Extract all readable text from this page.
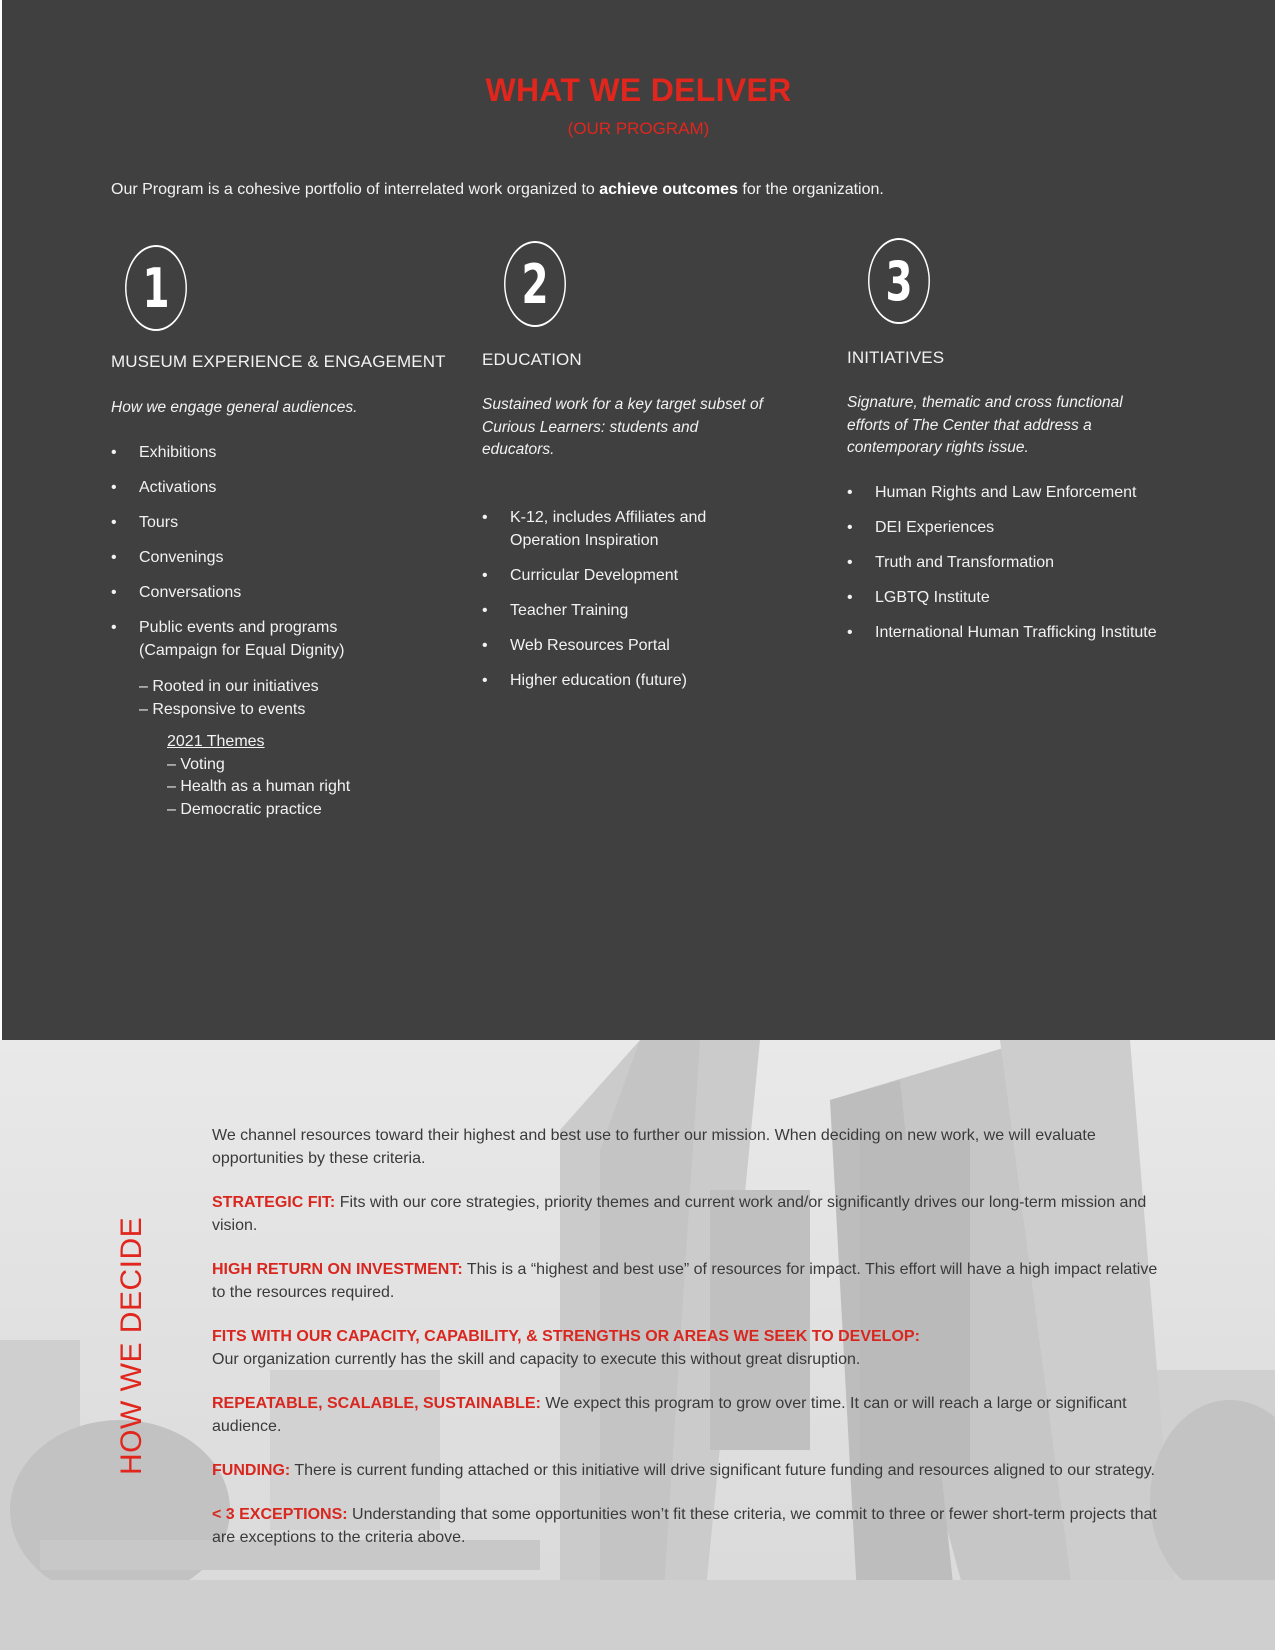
WHAT WE DELIVER
(OUR PROGRAM)

Our Program is a cohesive portfolio of interrelated work organized to achieve outcomes for the organization.

1
MUSEUM EXPERIENCE & ENGAGEMENT
How we engage general audiences.
• Exhibitions
• Activations
• Tours
• Convenings
• Conversations
• Public events and programs (Campaign for Equal Dignity)
– Rooted in our initiatives
– Responsive to events
2021 Themes
– Voting
– Health as a human right
– Democratic practice
2
EDUCATION
Sustained work for a key target subset of Curious Learners: students and educators.
• K-12, includes Affiliates and Operation Inspiration
• Curricular Development
• Teacher Training
• Web Resources Portal
• Higher education (future)
3
INITIATIVES
Signature, thematic and cross functional efforts of The Center that address a contemporary rights issue.
• Human Rights and Law Enforcement
• DEI Experiences
• Truth and Transformation
• LGBTQ Institute
• International Human Trafficking Institute
HOW WE DECIDE

We channel resources toward their highest and best use to further our mission. When deciding on new work, we will evaluate opportunities by these criteria.

STRATEGIC FIT: Fits with our core strategies, priority themes and current work and/or significantly drives our long-term mission and vision.

HIGH RETURN ON INVESTMENT: This is a “highest and best use” of resources for impact. This effort will have a high impact relative to the resources required.

FITS WITH OUR CAPACITY, CAPABILITY, & STRENGTHS OR AREAS WE SEEK TO DEVELOP:
Our organization currently has the skill and capacity to execute this without great disruption.

REPEATABLE, SCALABLE, SUSTAINABLE: We expect this program to grow over time. It can or will reach a large or significant audience.

FUNDING: There is current funding attached or this initiative will drive significant future funding and resources aligned to our strategy.

< 3 EXCEPTIONS: Understanding that some opportunities won’t fit these criteria, we commit to three or fewer short-term projects that are exceptions to the criteria above.
